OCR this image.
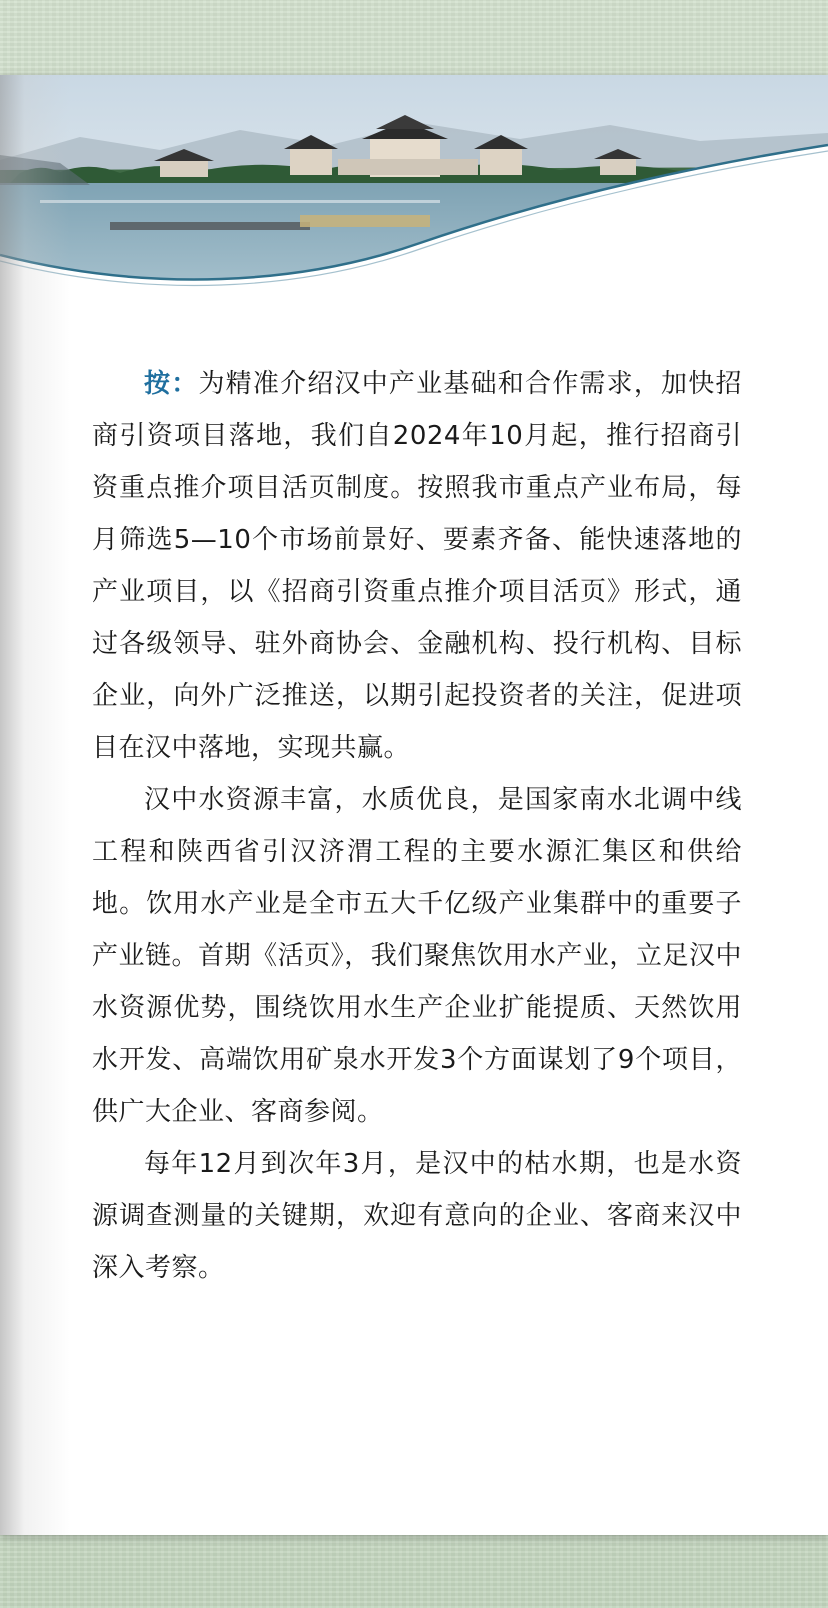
按：为精准介绍汉中产业基础和合作需求，加快招商引资项目落地，我们自2024年10月起，推行招商引资重点推介项目活页制度。按照我市重点产业布局，每月筛选5—10个市场前景好、要素齐备、能快速落地的产业项目，以《招商引资重点推介项目活页》形式，通过各级领导、驻外商协会、金融机构、投行机构、目标企业，向外广泛推送，以期引起投资者的关注，促进项目在汉中落地，实现共赢。

汉中水资源丰富，水质优良，是国家南水北调中线工程和陕西省引汉济渭工程的主要水源汇集区和供给地。饮用水产业是全市五大千亿级产业集群中的重要子产业链。首期《活页》，我们聚焦饮用水产业，立足汉中水资源优势，围绕饮用水生产企业扩能提质、天然饮用水开发、高端饮用矿泉水开发3个方面谋划了9个项目，供广大企业、客商参阅。

每年12月到次年3月，是汉中的枯水期，也是水资源调查测量的关键期，欢迎有意向的企业、客商来汉中深入考察。
